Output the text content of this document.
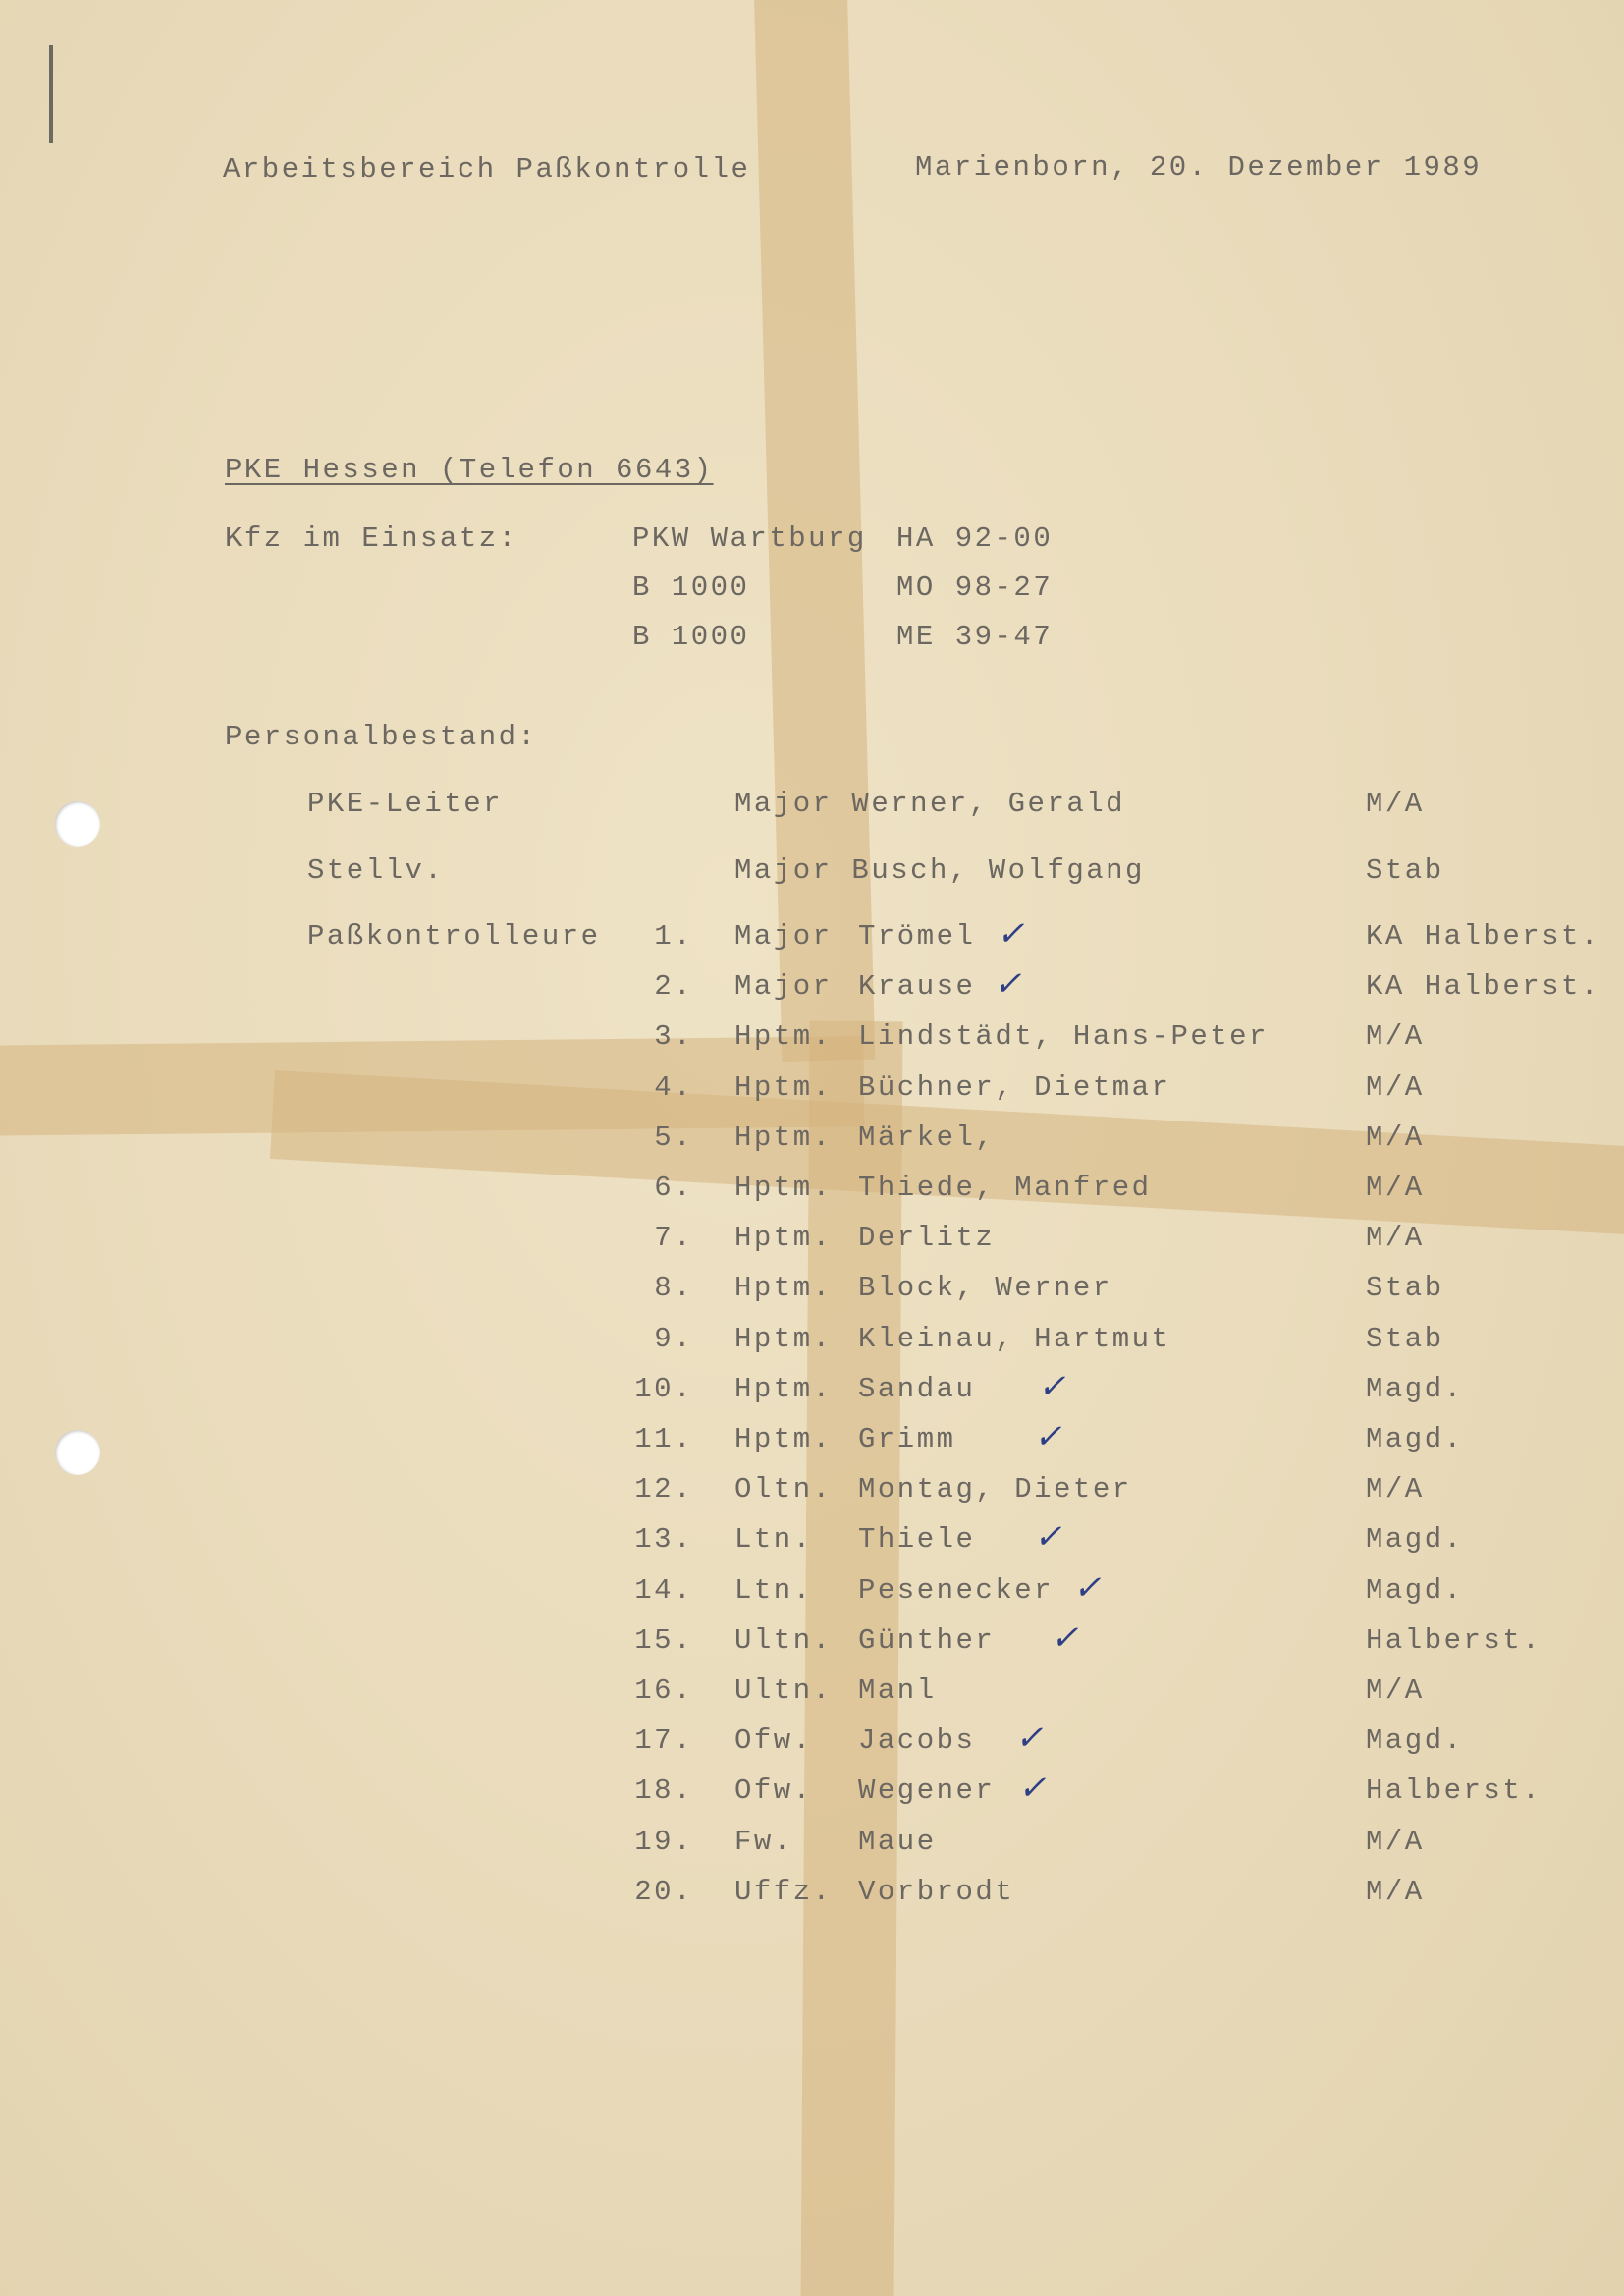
Arbeitsbereich Paßkontrolle	Marienborn, 20. Dezember 1989
PKE Hessen (Telefon 6643)
Kfz im Einsatz:	PKW Wartburg HA 92-00
B 1000	MO 98-27
B 1000	ME 39-47
Personalbestand:
PKE-Leiter	Major Werner, Gerald	M/A
Stellv.	Major Busch, Wolfgang	Stab
Paßkontrolleure	1. Major Trömel	KA Halberst.
✓
2. Major Krause	KA Halberst.
✓
3. Hptm. Lindstädt, Hans-Peter	M/A
4. Hptm. Büchner, Dietmar	M/A
5. Hptm. Märkel,	M/A
6. Hptm. Thiede, Manfred	M/A
7. Hptm. Derlitz	M/A
8. Hptm. Block, Werner	Stab
9. Hptm. Kleinau, Hartmut	Stab
10. Hptm. Sandau	Magd.
✓
11. Hptm. Grimm	Magd.
✓
12. Oltn. Montag, Dieter	M/A
13. Ltn. Thiele	Magd.
✓
14. Ltn. Pesenecker	Magd.
✓
15. Ultn. Günther	Halberst.
✓
16. Ultn. Manl	M/A
17. Ofw. Jacobs	Magd.
✓
18. Ofw. Wegener	Halberst.
✓
19. Fw. Maue	M/A
20. Uffz. Vorbrodt	M/A
